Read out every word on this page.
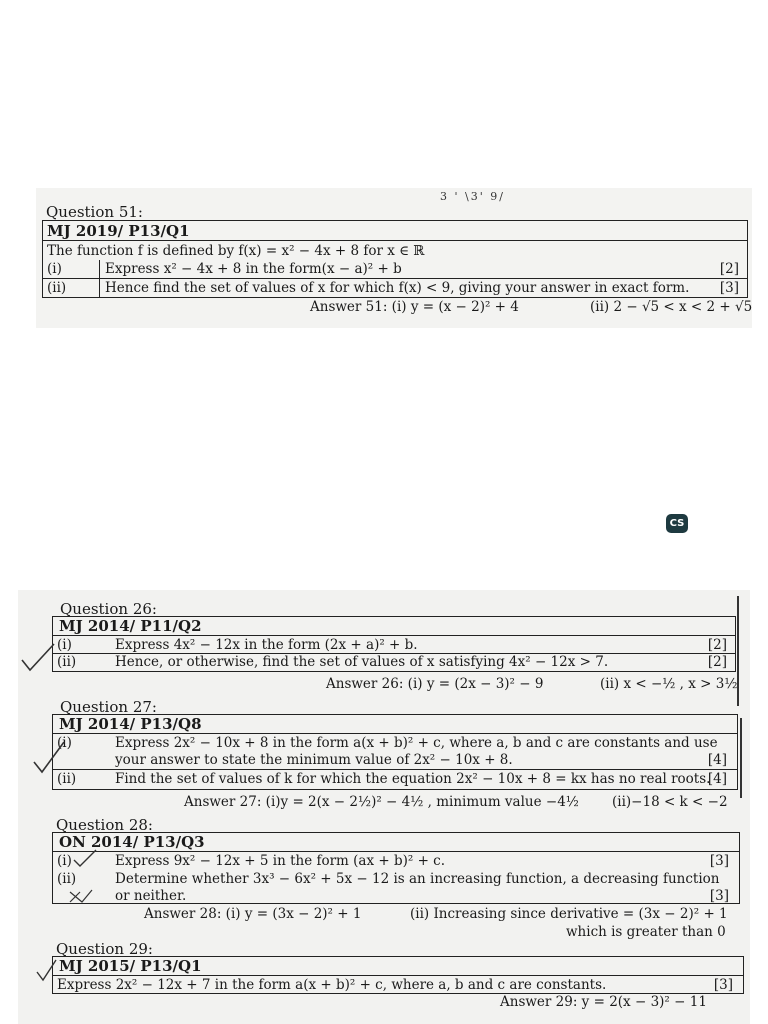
3 ' \3' 9/
Question 51:
MJ 2019/ P13/Q1
The function f is defined by f(x) = x² − 4x + 8 for x ∈ ℝ
(i)	Express x² − 4x + 8 in the form(x − a)² + b	[2]
(ii)	Hence find the set of values of x for which f(x) < 9, giving your answer in exact form. [3]
Answer 51: (i) y = (x − 2)² + 4	(ii) 2 − √5 < x < 2 + √5
CS
Question 26:
MJ 2014/ P11/Q2
(i)	Express 4x² − 12x in the form (2x + a)² + b.	[2]
(ii)	Hence, or otherwise, find the set of values of x satisfying 4x² − 12x > 7.	[2]
Answer 26: (i) y = (2x − 3)² − 9	(ii) x < −½ , x > 3½
Question 27:
MJ 2014/ P13/Q8
(i)	Express 2x² − 10x + 8 in the form a(x + b)² + c, where a, b and c are constants and use
your answer to state the minimum value of 2x² − 10x + 8.	[4]
(ii)	Find the set of values of k for which the equation 2x² − 10x + 8 = kx has no real roots.
[4]
Answer 27: (i)y = 2(x − 2½)² − 4½ , minimum value −4½ (ii)−18 < k < −2
Question 28:
ON 2014/ P13/Q3
(i)	Express 9x² − 12x + 5 in the form (ax + b)² + c.	[3]
(ii)	Determine whether 3x³ − 6x² + 5x − 12 is an increasing function, a decreasing function
or neither.	[3]
Answer 28: (i) y = (3x − 2)² + 1	(ii) Increasing since derivative = (3x − 2)² + 1
which is greater than 0
Question 29:
MJ 2015/ P13/Q1
Express 2x² − 12x + 7 in the form a(x + b)² + c, where a, b and c are constants.	[3]
Answer 29: y = 2(x − 3)² − 11
